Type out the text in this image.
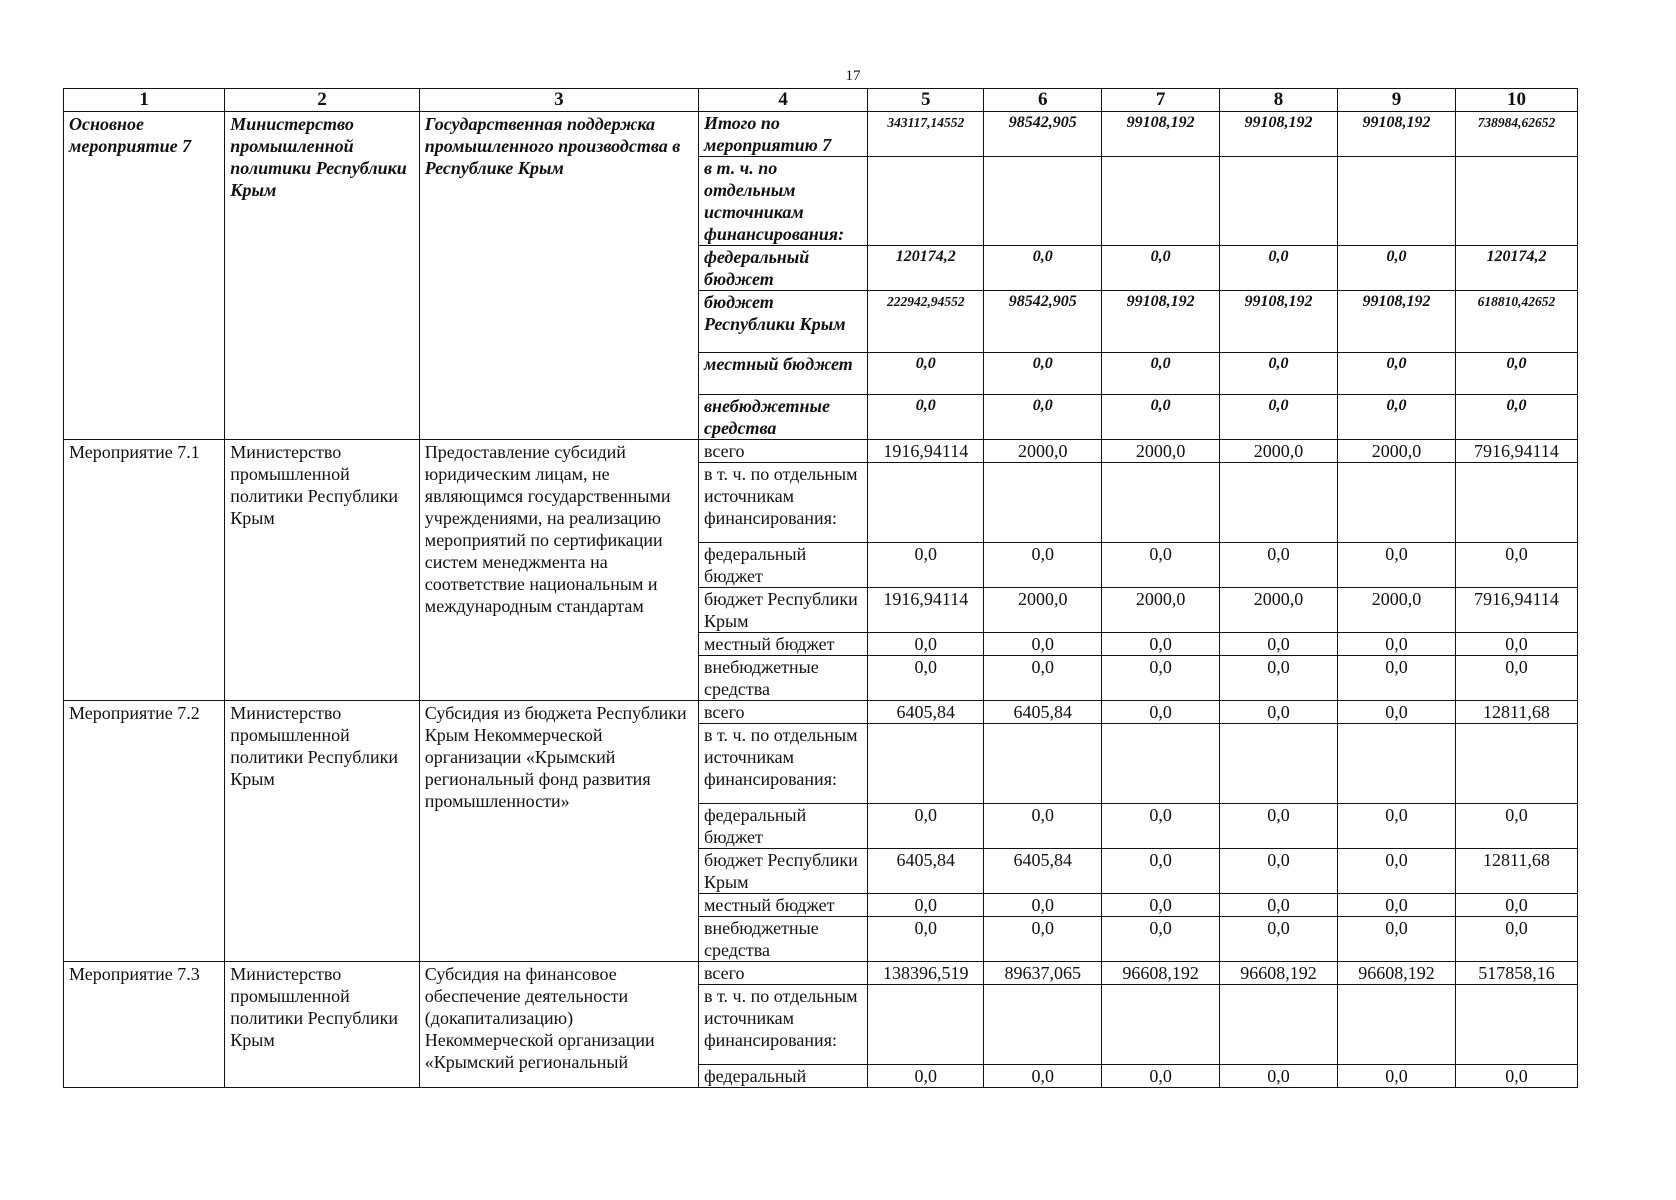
17
1	2	3	4	5	6	7	8	9	10
Основное мероприятие 7	Министерство промышленной политики Республики Крым	Государственная поддержка промышленного производства в Республике Крым	Итого по мероприятию 7	343117,14552	98542,905	99108,192	99108,192	99108,192	738984,62652
			в т. ч. по отдельным источникам финансирования:						
			федеральный бюджет	120174,2	0,0	0,0	0,0	0,0	120174,2
			бюджет Республики Крым	222942,94552	98542,905	99108,192	99108,192	99108,192	618810,42652
			местный бюджет	0,0	0,0	0,0	0,0	0,0	0,0
			внебюджетные средства	0,0	0,0	0,0	0,0	0,0	0,0
Мероприятие 7.1	Министерство промышленной политики Республики Крым	Предоставление субсидий юридическим лицам, не являющимся государственными учреждениями, на реализацию мероприятий по сертификации систем менеджмента на соответствие национальным и международным стандартам	всего	1916,94114	2000,0	2000,0	2000,0	2000,0	7916,94114
			в т. ч. по отдельным источникам финансирования:						
			федеральный бюджет	0,0	0,0	0,0	0,0	0,0	0,0
			бюджет Республики Крым	1916,94114	2000,0	2000,0	2000,0	2000,0	7916,94114
			местный бюджет	0,0	0,0	0,0	0,0	0,0	0,0
			внебюджетные средства	0,0	0,0	0,0	0,0	0,0	0,0
Мероприятие 7.2	Министерство промышленной политики Республики Крым	Субсидия из бюджета Республики Крым Некоммерческой организации «Крымский региональный фонд развития промышленности»	всего	6405,84	6405,84	0,0	0,0	0,0	12811,68
			в т. ч. по отдельным источникам финансирования:						
			федеральный бюджет	0,0	0,0	0,0	0,0	0,0	0,0
			бюджет Республики Крым	6405,84	6405,84	0,0	0,0	0,0	12811,68
			местный бюджет	0,0	0,0	0,0	0,0	0,0	0,0
			внебюджетные средства	0,0	0,0	0,0	0,0	0,0	0,0
Мероприятие 7.3	Министерство промышленной политики Республики Крым	Субсидия на финансовое обеспечение деятельности (докапитализацию) Некоммерческой организации «Крымский региональный	всего	138396,519	89637,065	96608,192	96608,192	96608,192	517858,16
			в т. ч. по отдельным источникам финансирования:						
			федеральный	0,0	0,0	0,0	0,0	0,0	0,0
